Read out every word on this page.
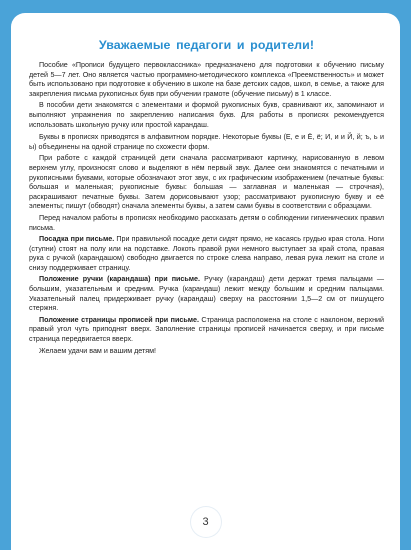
Уважаемые педагоги и родители!

Пособие «Прописи будущего первоклассника» предназначено для подготовки к обучению письму детей 5—7 лет. Оно является частью программно-методического комплекса «Преемственность» и может быть использовано при подготовке к обучению в школе на базе детских садов, школ, в семье, а также для закрепления письма рукописных букв при обучении грамоте (обучение письму) в 1 классе.

В пособии дети знакомятся с элементами и формой рукописных букв, сравнивают их, запоминают и выполняют упражнения по закреплению написания букв. Для работы в прописях рекомендуется использовать школьную ручку или простой карандаш.

Буквы в прописях приводятся в алфавитном порядке. Некоторые буквы (Е, е и Ё, ё; И, и и Й, й; ъ, ь и ы) объединены на одной странице по схожести форм.

При работе с каждой страницей дети сначала рассматривают картинку, нарисованную в левом верхнем углу, произносят слово и выделяют в нём первый звук. Далее они знакомятся с печатными и рукописными буквами, которые обозначают этот звук, с их графическим изображением (печатные буквы: большая и маленькая; рукописные буквы: большая — заглавная и маленькая — строчная), раскрашивают печатные буквы. Затем дорисовывают узор; рассматривают рукописную букву и её элементы; пишут (обводят) сначала элементы буквы, а затем сами буквы в соответствии с образцами.

Перед началом работы в прописях необходимо рассказать детям о соблюдении гигиенических правил письма.

Посадка при письме. При правильной посадке дети сидят прямо, не касаясь грудью края стола. Ноги (ступни) стоят на полу или на подставке. Локоть правой руки немного выступает за край стола, правая рука с ручкой (карандашом) свободно двигается по строке слева направо, левая рука лежит на столе и снизу поддерживает страницу.

Положение ручки (карандаша) при письме. Ручку (карандаш) дети держат тремя пальцами — большим, указательным и средним. Ручка (карандаш) лежит между большим и средним пальцами. Указательный палец придерживает ручку (карандаш) сверху на расстоянии 1,5—2 см от пишущего стержня.

Положение страницы прописей при письме. Страница расположена на столе с наклоном, верхний правый угол чуть приподнят вверх. Заполнение страницы прописей начинается сверху, и при письме страница передвигается вверх.

Желаем удачи вам и вашим детям!

3
